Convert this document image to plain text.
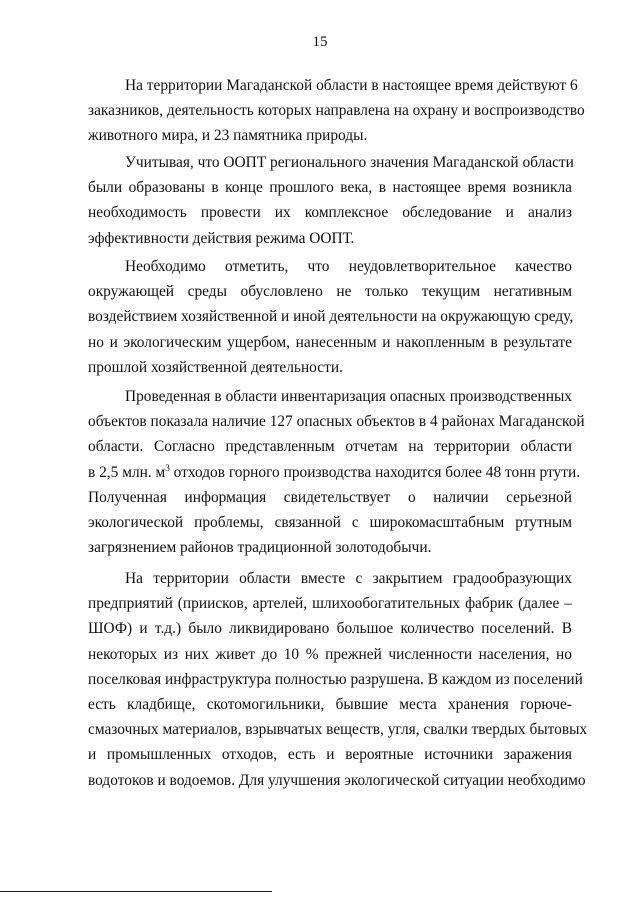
15
На территории Магаданской области в настоящее время действуют 6
заказников, деятельность которых направлена на охрану и воспроизводство
животного мира, и 23 памятника природы.
Учитывая, что ООПТ регионального значения Магаданской области
были образованы в конце прошлого века, в настоящее время возникла
необходимость провести их комплексное обследование и анализ
эффективности действия режима ООПТ.
Необходимо отметить, что неудовлетворительное качество
окружающей среды обусловлено не только текущим негативным
воздействием хозяйственной и иной деятельности на окружающую среду,
но и экологическим ущербом, нанесенным и накопленным в результате
прошлой хозяйственной деятельности.
Проведенная в области инвентаризация опасных производственных
объектов показала наличие 127 опасных объектов в 4 районах Магаданской
области. Согласно представленным отчетам на территории области
в 2,5 млн. $м^3$ отходов горного производства находится более 48 тонн ртути.
Полученная информация свидетельствует о наличии серьезной
экологической проблемы, связанной с широкомасштабным ртутным
загрязнением районов традиционной золотодобычи.
На территории области вместе с закрытием градообразующих
предприятий (приисков, артелей, шлихообогатительных фабрик (далее –
ШОФ) и т.д.) было ликвидировано большое количество поселений. В
некоторых из них живет до 10 % прежней численности населения, но
поселковая инфраструктура полностью разрушена. В каждом из поселений
есть кладбище, скотомогильники, бывшие места хранения горюче-
смазочных материалов, взрывчатых веществ, угля, свалки твердых бытовых
и промышленных отходов, есть и вероятные источники заражения
водотоков и водоемов. Для улучшения экологической ситуации необходимо
